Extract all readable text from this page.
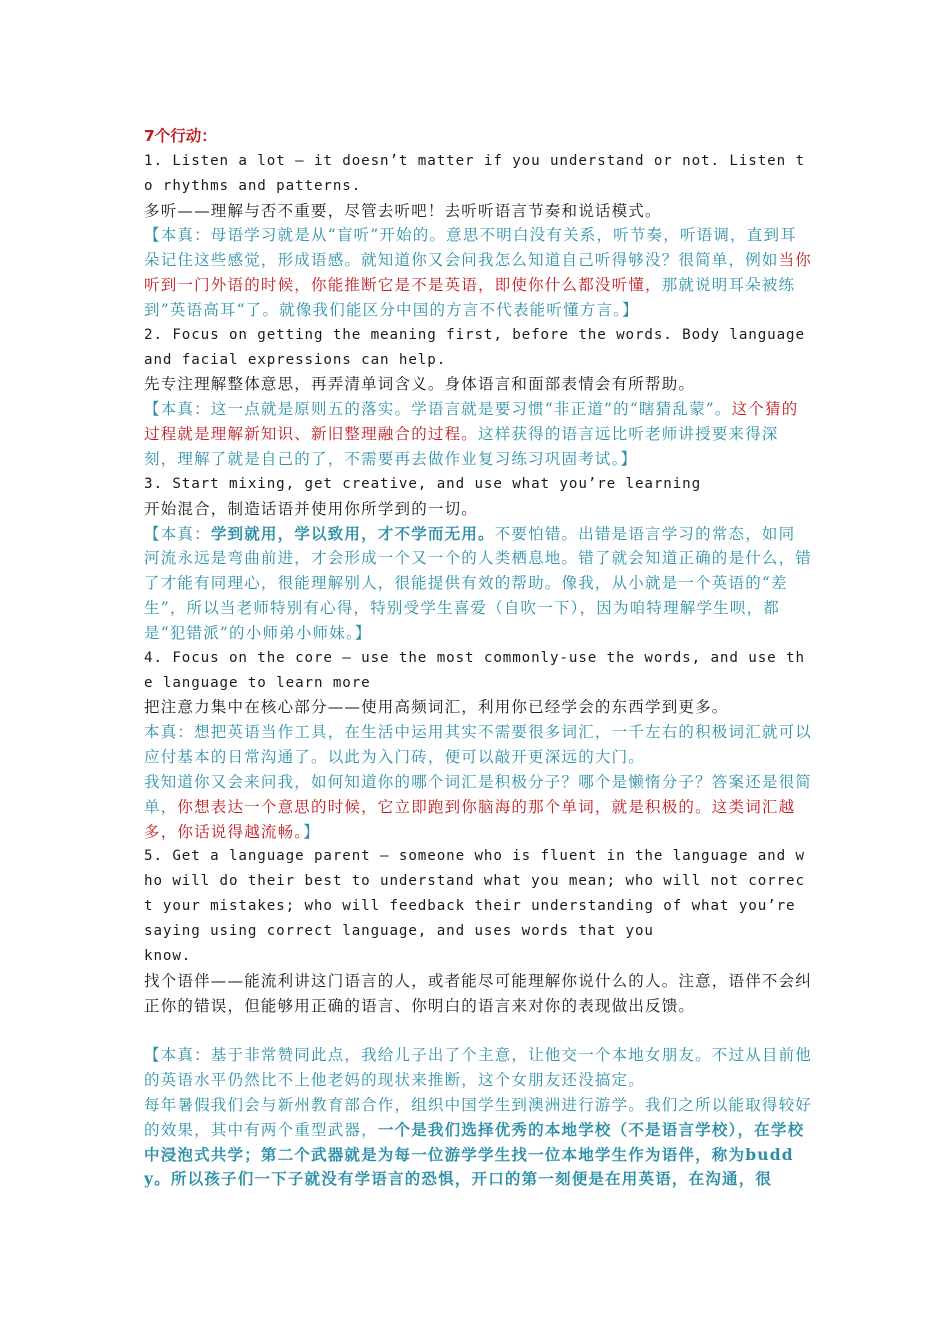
7个行动：

1. Listen a lot – it doesn’t matter if you understand or not. Listen to rhythms and patterns.

多听——理解与否不重要，尽管去听吧！去听听语言节奏和说话模式。

【本真：母语学习就是从“盲听”开始的。意思不明白没有关系，听节奏，听语调，直到耳朵记住这些感觉，形成语感。就知道你又会问我怎么知道自己听得够没？很简单，例如当你听到一门外语的时候，你能推断它是不是英语，即使你什么都没听懂，那就说明耳朵被练到”英语高耳“了。就像我们能区分中国的方言不代表能听懂方言。】

2. Focus on getting the meaning first, before the words. Body language and facial expressions can help.

先专注理解整体意思，再弄清单词含义。身体语言和面部表情会有所帮助。

【本真：这一点就是原则五的落实。学语言就是要习惯“非正道”的“瞎猜乱蒙”。这个猜的过程就是理解新知识、新旧整理融合的过程。这样获得的语言远比听老师讲授要来得深刻，理解了就是自己的了，不需要再去做作业复习练习巩固考试。】

3. Start mixing, get creative, and use what you’re learning

开始混合，制造话语并使用你所学到的一切。

【本真：学到就用，学以致用，才不学而无用。不要怕错。出错是语言学习的常态，如同河流永远是弯曲前进，才会形成一个又一个的人类栖息地。错了就会知道正确的是什么，错了才能有同理心，很能理解别人，很能提供有效的帮助。像我，从小就是一个英语的“差生”，所以当老师特别有心得，特别受学生喜爱（自吹一下），因为咱特理解学生呗，都是“犯错派”的小师弟小师妹。】

4. Focus on the core – use the most commonly-use the words, and use the language to learn more

把注意力集中在核心部分——使用高频词汇，利用你已经学会的东西学到更多。

本真：想把英语当作工具，在生活中运用其实不需要很多词汇，一千左右的积极词汇就可以应付基本的日常沟通了。以此为入门砖，便可以敲开更深远的大门。

我知道你又会来问我，如何知道你的哪个词汇是积极分子？哪个是懒惰分子？答案还是很简单，你想表达一个意思的时候，它立即跑到你脑海的那个单词，就是积极的。这类词汇越多，你话说得越流畅。】

5. Get a language parent – someone who is fluent in the language and who will do their best to understand what you mean; who will not correct your mistakes; who will feedback their understanding of what you’re saying using correct language, and uses words that you

know.

找个语伴——能流利讲这门语言的人，或者能尽可能理解你说什么的人。注意，语伴不会纠正你的错误，但能够用正确的语言、你明白的语言来对你的表现做出反馈。

【本真：基于非常赞同此点，我给儿子出了个主意，让他交一个本地女朋友。不过从目前他的英语水平仍然比不上他老妈的现状来推断，这个女朋友还没搞定。

每年暑假我们会与新州教育部合作，组织中国学生到澳洲进行游学。我们之所以能取得较好的效果，其中有两个重型武器，一个是我们选择优秀的本地学校（不是语言学校），在学校中浸泡式共学；第二个武器就是为每一位游学学生找一位本地学生作为语伴，称为buddy。所以孩子们一下子就没有学语言的恐惧，开口的第一刻便是在用英语，在沟通，很
